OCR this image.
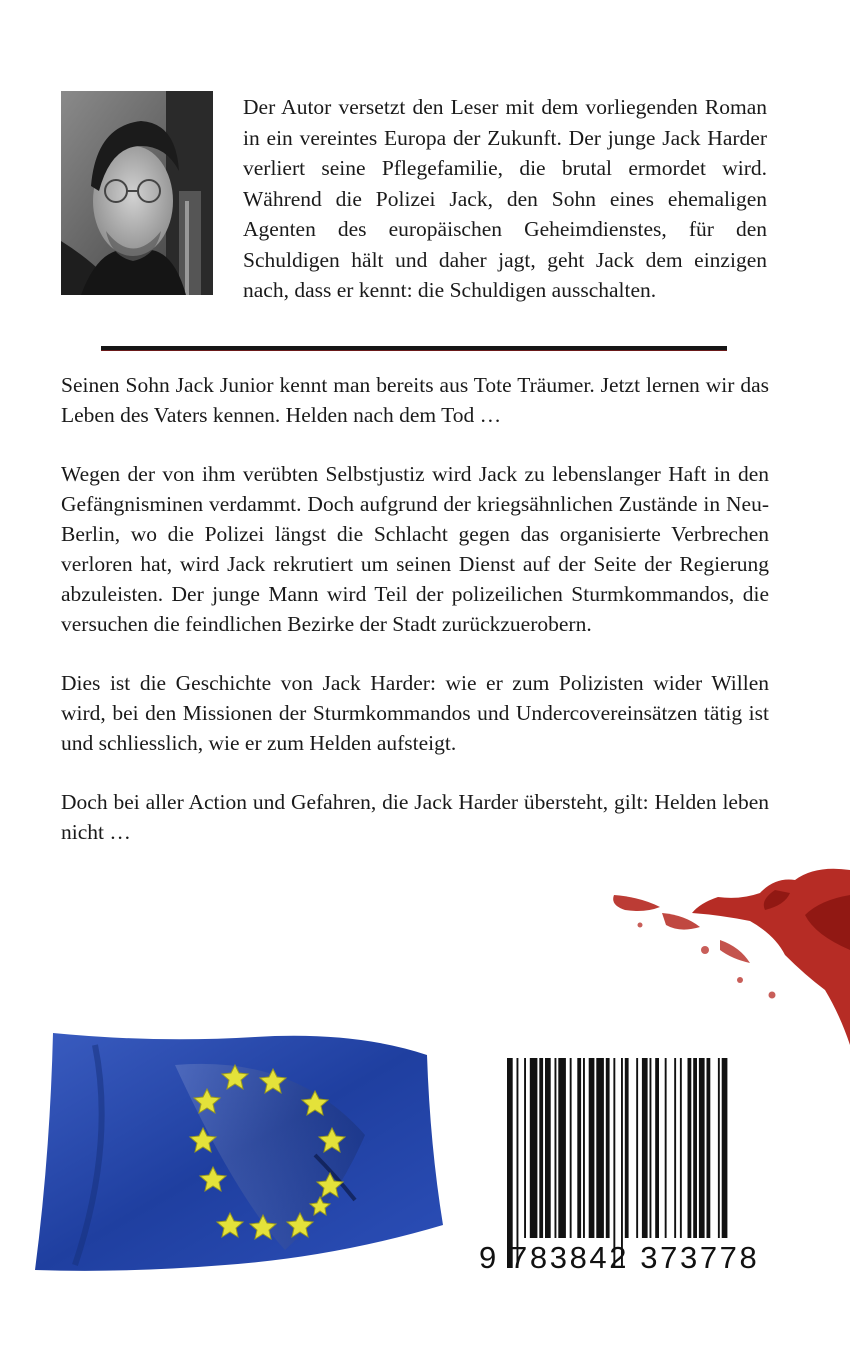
Der Autor versetzt den Leser mit dem vorliegenden Roman in ein vereintes Europa der Zukunft. Der junge Jack Harder verliert seine Pflegefamilie, die brutal ermordet wird. Während die Polizei Jack, den Sohn eines ehemaligen Agenten des europäischen Geheimdienstes, für den Schuldigen hält und daher jagt, geht Jack dem einzigen nach, dass er kennt: die Schuldigen ausschalten.

Seinen Sohn Jack Junior kennt man bereits aus Tote Träumer. Jetzt lernen wir das Leben des Vaters kennen. Helden nach dem Tod …

Wegen der von ihm verübten Selbstjustiz wird Jack zu lebenslanger Haft in den Gefängnisminen verdammt. Doch aufgrund der kriegsähnlichen Zustände in Neu-Berlin, wo die Polizei längst die Schlacht gegen das organisierte Verbrechen verloren hat, wird Jack rekrutiert um seinen Dienst auf der Seite der Regierung abzuleisten. Der junge Mann wird Teil der polizeilichen Sturmkommandos, die versuchen die feindlichen Bezirke der Stadt zurückzuerobern.

Dies ist die Geschichte von Jack Harder: wie er zum Polizisten wider Willen wird, bei den Missionen der Sturmkommandos und Undercovereinsätzen tätig ist und schliesslich, wie er zum Helden aufsteigt.

Doch bei aller Action und Gefahren, die Jack Harder übersteht, gilt: Helden leben nicht …

9 783842 373778
